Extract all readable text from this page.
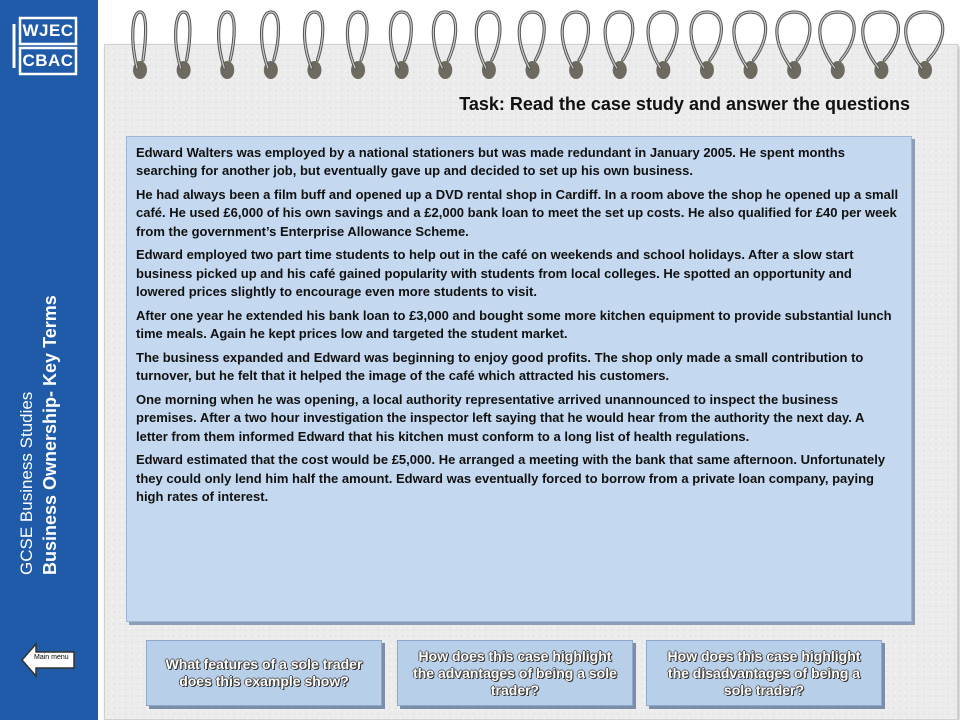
WJEC
CBAC
GCSE Business Studies Business Ownership- Key Terms
Main menu
Task: Read the case study and answer the questions

Edward Walters was employed by a national stationers but was made redundant in January 2005. He spent months searching for another job, but eventually gave up and decided to set up his own business.

He had always been a film buff and opened up a DVD rental shop in Cardiff. In a room above the shop he opened up a small café. He used £6,000 of his own savings and a £2,000 bank loan to meet the set up costs. He also qualified for £40 per week from the government’s Enterprise Allowance Scheme.

Edward employed two part time students to help out in the café on weekends and school holidays. After a slow start business picked up and his café gained popularity with students from local colleges. He spotted an opportunity and lowered prices slightly to encourage even more students to visit.

After one year he extended his bank loan to £3,000 and bought some more kitchen equipment to provide substantial lunch time meals. Again he kept prices low and targeted the student market.

The business expanded and Edward was beginning to enjoy good profits. The shop only made a small contribution to turnover, but he felt that it helped the image of the café which attracted his customers.

One morning when he was opening, a local authority representative arrived unannounced to inspect the business premises. After a two hour investigation the inspector left saying that he would hear from the authority the next day. A letter from them informed Edward that his kitchen must conform to a long list of health regulations.

Edward estimated that the cost would be £5,000. He arranged a meeting with the bank that same afternoon. Unfortunately they could only lend him half the amount. Edward was eventually forced to borrow from a private loan company, paying high rates of interest.

What features of a sole trader does this example show?
How does this case highlight the advantages of being a sole trader?
How does this case highlight the disadvantages of being a sole trader?
